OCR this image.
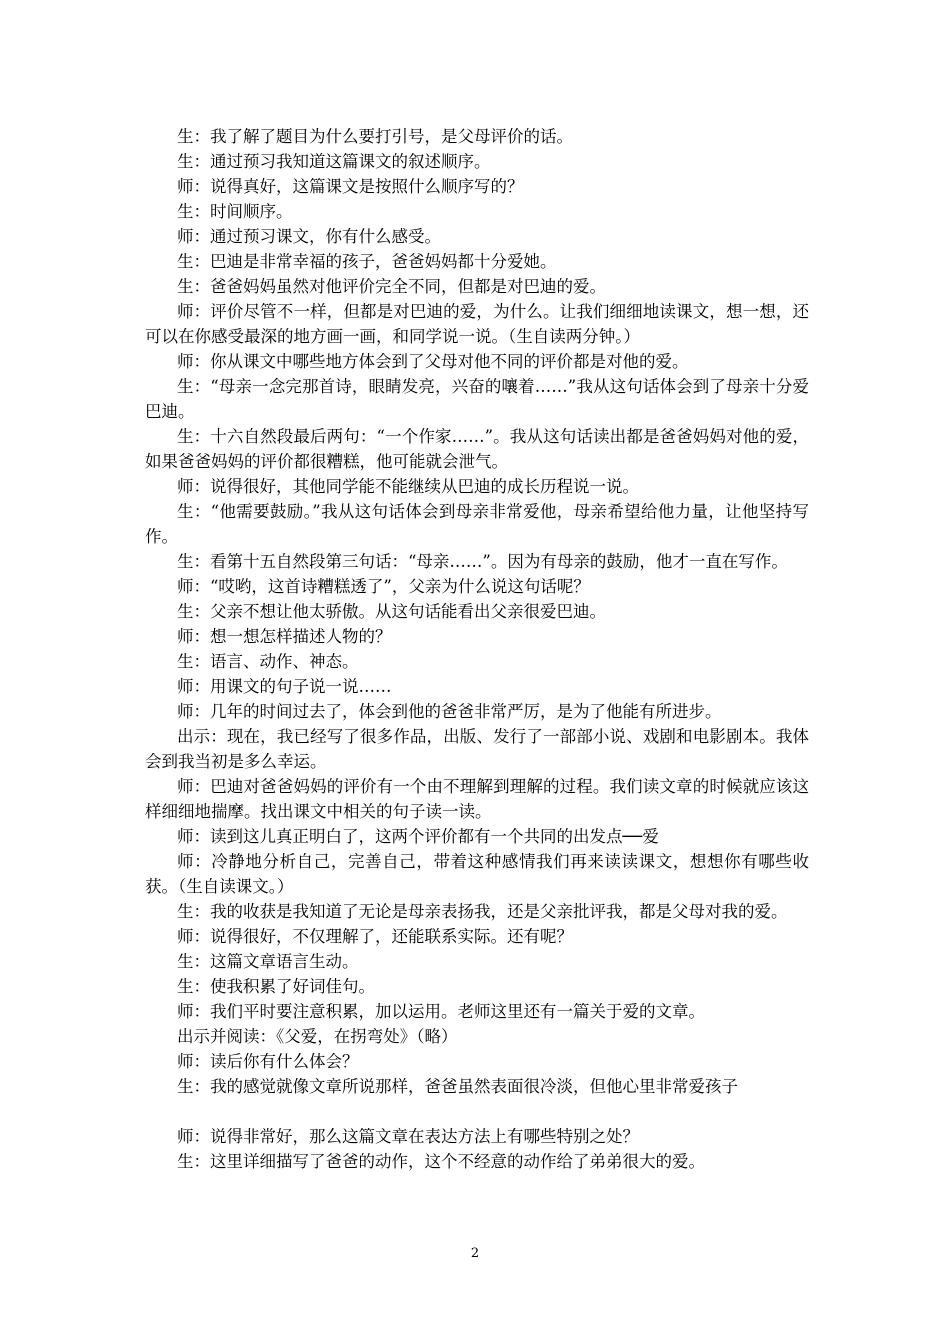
生：我了解了题目为什么要打引号，是父母评价的话。

生：通过预习我知道这篇课文的叙述顺序。

师：说得真好，这篇课文是按照什么顺序写的？

生：时间顺序。

师：通过预习课文，你有什么感受。

生：巴迪是非常幸福的孩子，爸爸妈妈都十分爱她。

生：爸爸妈妈虽然对他评价完全不同，但都是对巴迪的爱。

师：评价尽管不一样，但都是对巴迪的爱，为什么。让我们细细地读课文，想一想，还可以在你感受最深的地方画一画，和同学说一说。（生自读两分钟。）

师：你从课文中哪些地方体会到了父母对他不同的评价都是对他的爱。

生：“母亲一念完那首诗，眼睛发亮，兴奋的嚷着……”我从这句话体会到了母亲十分爱巴迪。

生：十六自然段最后两句：“一个作家……”。我从这句话读出都是爸爸妈妈对他的爱，如果爸爸妈妈的评价都很糟糕，他可能就会泄气。

师：说得很好，其他同学能不能继续从巴迪的成长历程说一说。

生：“他需要鼓励。”我从这句话体会到母亲非常爱他，母亲希望给他力量，让他坚持写作。

生：看第十五自然段第三句话：“母亲……”。因为有母亲的鼓励，他才一直在写作。

师：“哎哟，这首诗糟糕透了”，父亲为什么说这句话呢？

生：父亲不想让他太骄傲。从这句话能看出父亲很爱巴迪。

师：想一想怎样描述人物的？

生：语言、动作、神态。

师：用课文的句子说一说……

师：几年的时间过去了，体会到他的爸爸非常严厉，是为了他能有所进步。

出示：现在，我已经写了很多作品，出版、发行了一部部小说、戏剧和电影剧本。我体会到我当初是多么幸运。

师：巴迪对爸爸妈妈的评价有一个由不理解到理解的过程。我们读文章的时候就应该这样细细地揣摩。找出课文中相关的句子读一读。

师：读到这儿真正明白了，这两个评价都有一个共同的出发点──爱

师：冷静地分析自己，完善自己，带着这种感情我们再来读读课文，想想你有哪些收获。（生自读课文。）

生：我的收获是我知道了无论是母亲表扬我，还是父亲批评我，都是父母对我的爱。

师：说得很好，不仅理解了，还能联系实际。还有呢？

生：这篇文章语言生动。

生：使我积累了好词佳句。

师：我们平时要注意积累，加以运用。老师这里还有一篇关于爱的文章。

出示并阅读：《父爱，在拐弯处》（略）

师：读后你有什么体会？

生：我的感觉就像文章所说那样，爸爸虽然表面很冷淡，但他心里非常爱孩子

师：说得非常好，那么这篇文章在表达方法上有哪些特别之处？

生：这里详细描写了爸爸的动作，这个不经意的动作给了弟弟很大的爱。

2
